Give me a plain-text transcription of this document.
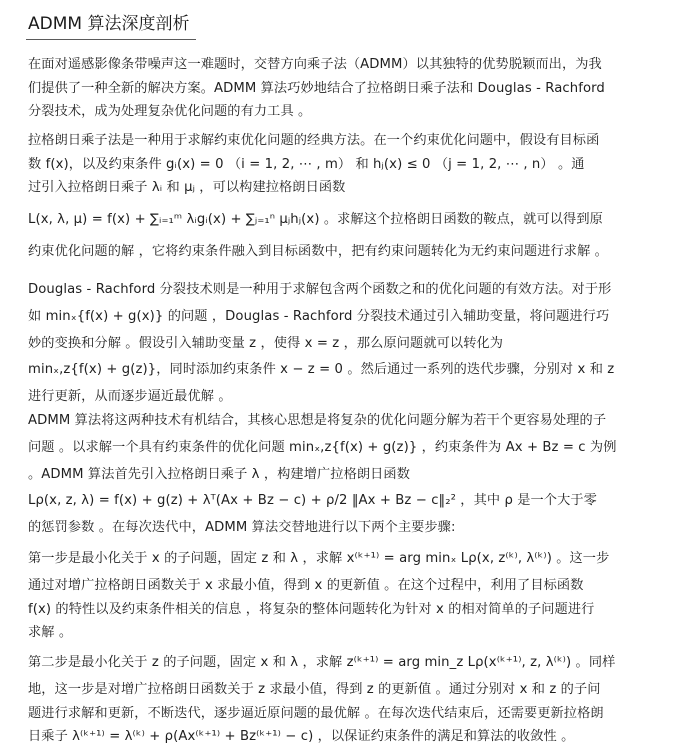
ADMM 算法深度剖析
在面对遥感影像条带噪声这一难题时，交替方向乘子法（ADMM）以其独特的优势脱颖而出，为我
们提供了一种全新的解决方案。ADMM 算法巧妙地结合了拉格朗日乘子法和 Douglas - Rachford
分裂技术，成为处理复杂优化问题的有力工具 。
拉格朗日乘子法是一种用于求解约束优化问题的经典方法。在一个约束优化问题中，假设有目标函
数 f(x)，以及约束条件 gᵢ(x) = 0 （i = 1, 2, ⋯ , m） 和 hⱼ(x) ≤ 0 （j = 1, 2, ⋯ , n） 。通
过引入拉格朗日乘子 λᵢ 和 μⱼ ，可以构建拉格朗日函数
L(x, λ, μ) = f(x) + ∑ᵢ₌₁ᵐ λᵢgᵢ(x) + ∑ⱼ₌₁ⁿ μⱼhⱼ(x) 。求解这个拉格朗日函数的鞍点，就可以得到原
约束优化问题的解 ，它将约束条件融入到目标函数中，把有约束问题转化为无约束问题进行求解 。
Douglas - Rachford 分裂技术则是一种用于求解包含两个函数之和的优化问题的有效方法。对于形
如 minₓ{f(x) + g(x)} 的问题 ，Douglas - Rachford 分裂技术通过引入辅助变量，将问题进行巧
妙的变换和分解 。假设引入辅助变量 z ，使得 x = z ，那么原问题就可以转化为
minₓ,z{f(x) + g(z)}，同时添加约束条件 x − z = 0 。然后通过一系列的迭代步骤，分别对 x 和 z
进行更新，从而逐步逼近最优解 。
ADMM 算法将这两种技术有机结合，其核心思想是将复杂的优化问题分解为若干个更容易处理的子
问题 。以求解一个具有约束条件的优化问题 minₓ,z{f(x) + g(z)} ，约束条件为 Ax + Bz = c 为例
。ADMM 算法首先引入拉格朗日乘子 λ ，构建增广拉格朗日函数
Lρ(x, z, λ) = f(x) + g(z) + λᵀ(Ax + Bz − c) + ρ/2 ‖Ax + Bz − c‖₂² ，其中 ρ 是一个大于零
的惩罚参数 。在每次迭代中，ADMM 算法交替地进行以下两个主要步骤:
第一步是最小化关于 x 的子问题，固定 z 和 λ ，求解 x⁽ᵏ⁺¹⁾ = arg minₓ Lρ(x, z⁽ᵏ⁾, λ⁽ᵏ⁾) 。这一步
通过对增广拉格朗日函数关于 x 求最小值，得到 x 的更新值 。在这个过程中，利用了目标函数
f(x) 的特性以及约束条件相关的信息 ，将复杂的整体问题转化为针对 x 的相对简单的子问题进行
求解 。
第二步是最小化关于 z 的子问题，固定 x 和 λ ，求解 z⁽ᵏ⁺¹⁾ = arg min_z Lρ(x⁽ᵏ⁺¹⁾, z, λ⁽ᵏ⁾) 。同样
地，这一步是对增广拉格朗日函数关于 z 求最小值，得到 z 的更新值 。通过分别对 x 和 z 的子问
题进行求解和更新，不断迭代，逐步逼近原问题的最优解 。在每次迭代结束后，还需要更新拉格朗
日乘子 λ⁽ᵏ⁺¹⁾ = λ⁽ᵏ⁾ + ρ(Ax⁽ᵏ⁺¹⁾ + Bz⁽ᵏ⁺¹⁾ − c) ，以保证约束条件的满足和算法的收敛性 。
